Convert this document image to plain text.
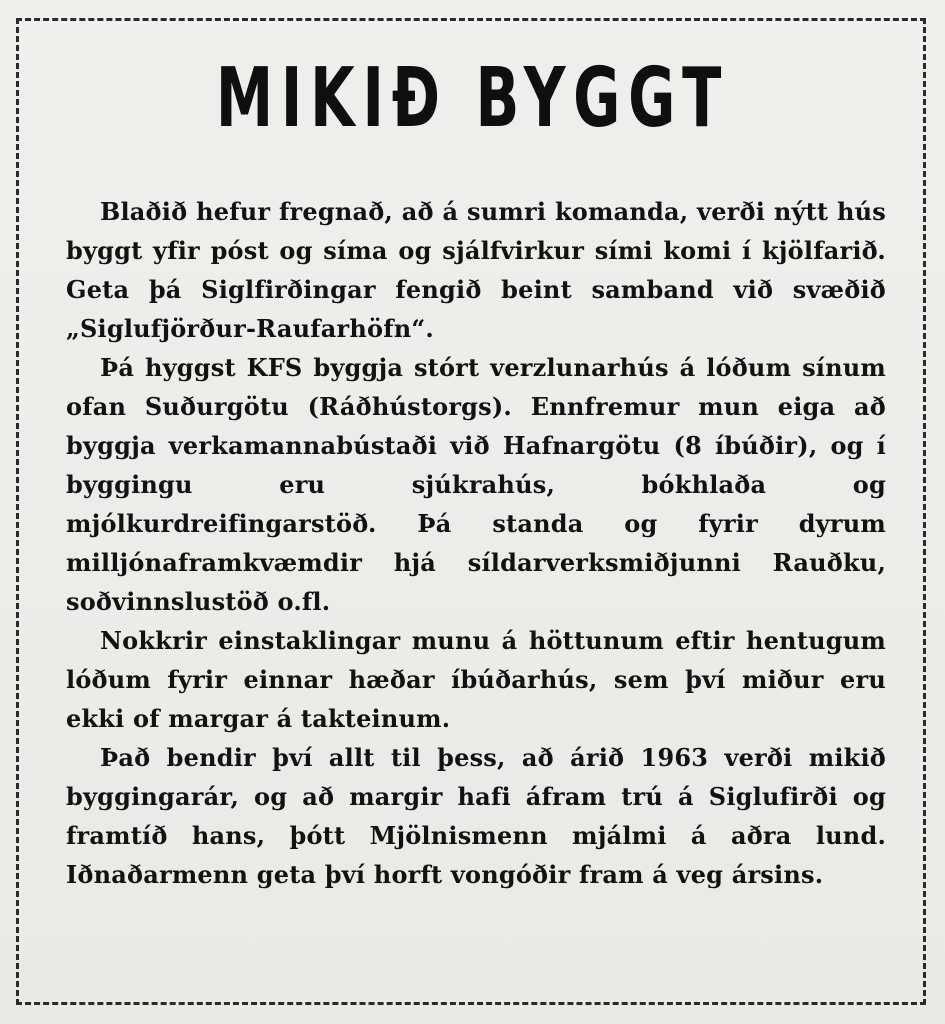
MIKIÐ BYGGT

Blaðið hefur fregnað, að á sumri komanda, verði nýtt hús byggt yfir póst og síma og sjálfvirkur sími komi í kjölfarið. Geta þá Siglfirðingar fengið beint samband við svæðið „Siglufjörður-Raufarhöfn“.

Þá hyggst KFS byggja stórt verzlunarhús á lóðum sínum ofan Suðurgötu (Ráðhústorgs). Ennfremur mun eiga að byggja verkamannabústaði við Hafnargötu (8 íbúðir), og í byggingu eru sjúkrahús, bókhlaða og mjólkurdreifingarstöð. Þá standa og fyrir dyrum milljónaframkvæmdir hjá síldarverksmiðjunni Rauðku, soðvinnslustöð o.fl.

Nokkrir einstaklingar munu á höttunum eftir hentugum lóðum fyrir einnar hæðar íbúðarhús, sem því miður eru ekki of margar á takteinum.

Það bendir því allt til þess, að árið 1963 verði mikið byggingarár, og að margir hafi áfram trú á Siglufirði og framtíð hans, þótt Mjölnismenn mjálmi á aðra lund. Iðnaðarmenn geta því horft vongóðir fram á veg ársins.
